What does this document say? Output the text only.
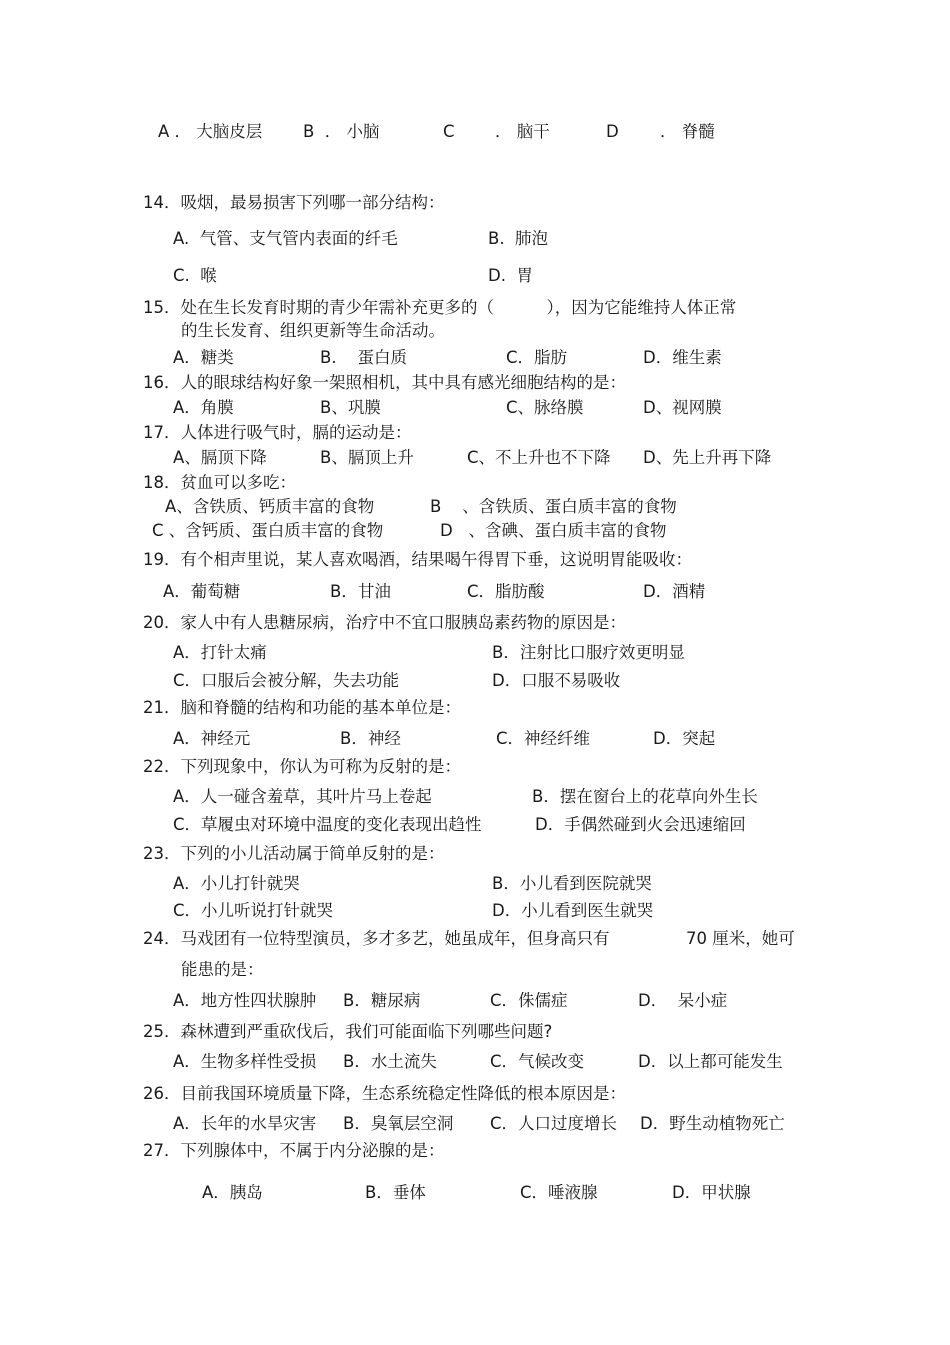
A ． 大脑皮层 B  ． 小脑	C ． 脑干	D	． 脊髓
14．吸烟，最易损害下列哪一部分结构：
A.  气管、支气管内表面的纤毛	B.  肺泡
C.  喉	D.  胃
15．处在生长发育时期的青少年需补充更多的（          ），因为它能维持人体正常
的生长发育、组织更新等生命活动。
A．糖类	B.    蛋白质	C．脂肪	D．维生素
16．人的眼球结构好象一架照相机，其中具有感光细胞结构的是：
A．角膜	B、巩膜	C、脉络膜	D、视网膜
17．人体进行吸气时，膈的运动是：
A、膈顶下降	B、膈顶上升	C、不上升也不下降 D、先上升再下降
18．贫血可以多吃：
A、含铁质、钙质丰富的食物	B    、含铁质、蛋白质丰富的食物
C 、含钙质、蛋白质丰富的食物	D   、含碘、蛋白质丰富的食物
19．有个相声里说，某人喜欢喝酒，结果喝午得胃下垂，这说明胃能吸收：
A．葡萄糖	B．甘油	C．脂肪酸	D．酒精
20．家人中有人患糖尿病，治疗中不宜口服胰岛素药物的原因是：
A．打针太痛	B．注射比口服疗效更明显
C．口服后会被分解，失去功能	D．口服不易吸收
21．脑和脊髓的结构和功能的基本单位是：
A．神经元	B．神经	C．神经纤维	D．突起
22．下列现象中，你认为可称为反射的是：
A．人一碰含羞草，其叶片马上卷起	B．摆在窗台上的花草向外生长
C．草履虫对环境中温度的变化表现出趋性	D．手偶然碰到火会迅速缩回
23．下列的小儿活动属于简单反射的是：
A．小儿打针就哭	B．小儿看到医院就哭
C．小儿听说打针就哭	D．小儿看到医生就哭
24．马戏团有一位特型演员，多才多艺，她虽成年，但身高只有	70 厘米，她可
能患的是：
A．地方性四状腺肿 B．糖尿病	C．侏儒症	D．  呆小症
25．森林遭到严重砍伐后，我们可能面临下列哪些问题?
A．生物多样性受损 B．水土流失	C．气候改变	D．以上都可能发生
26．目前我国环境质量下降，生态系统稳定性降低的根本原因是：
A．长年的水旱灾害 B．臭氧层空洞 C．人口过度增长 D．野生动植物死亡
27．下列腺体中，不属于内分泌腺的是：
A．胰岛	B．垂体	C．唾液腺	D．甲状腺
